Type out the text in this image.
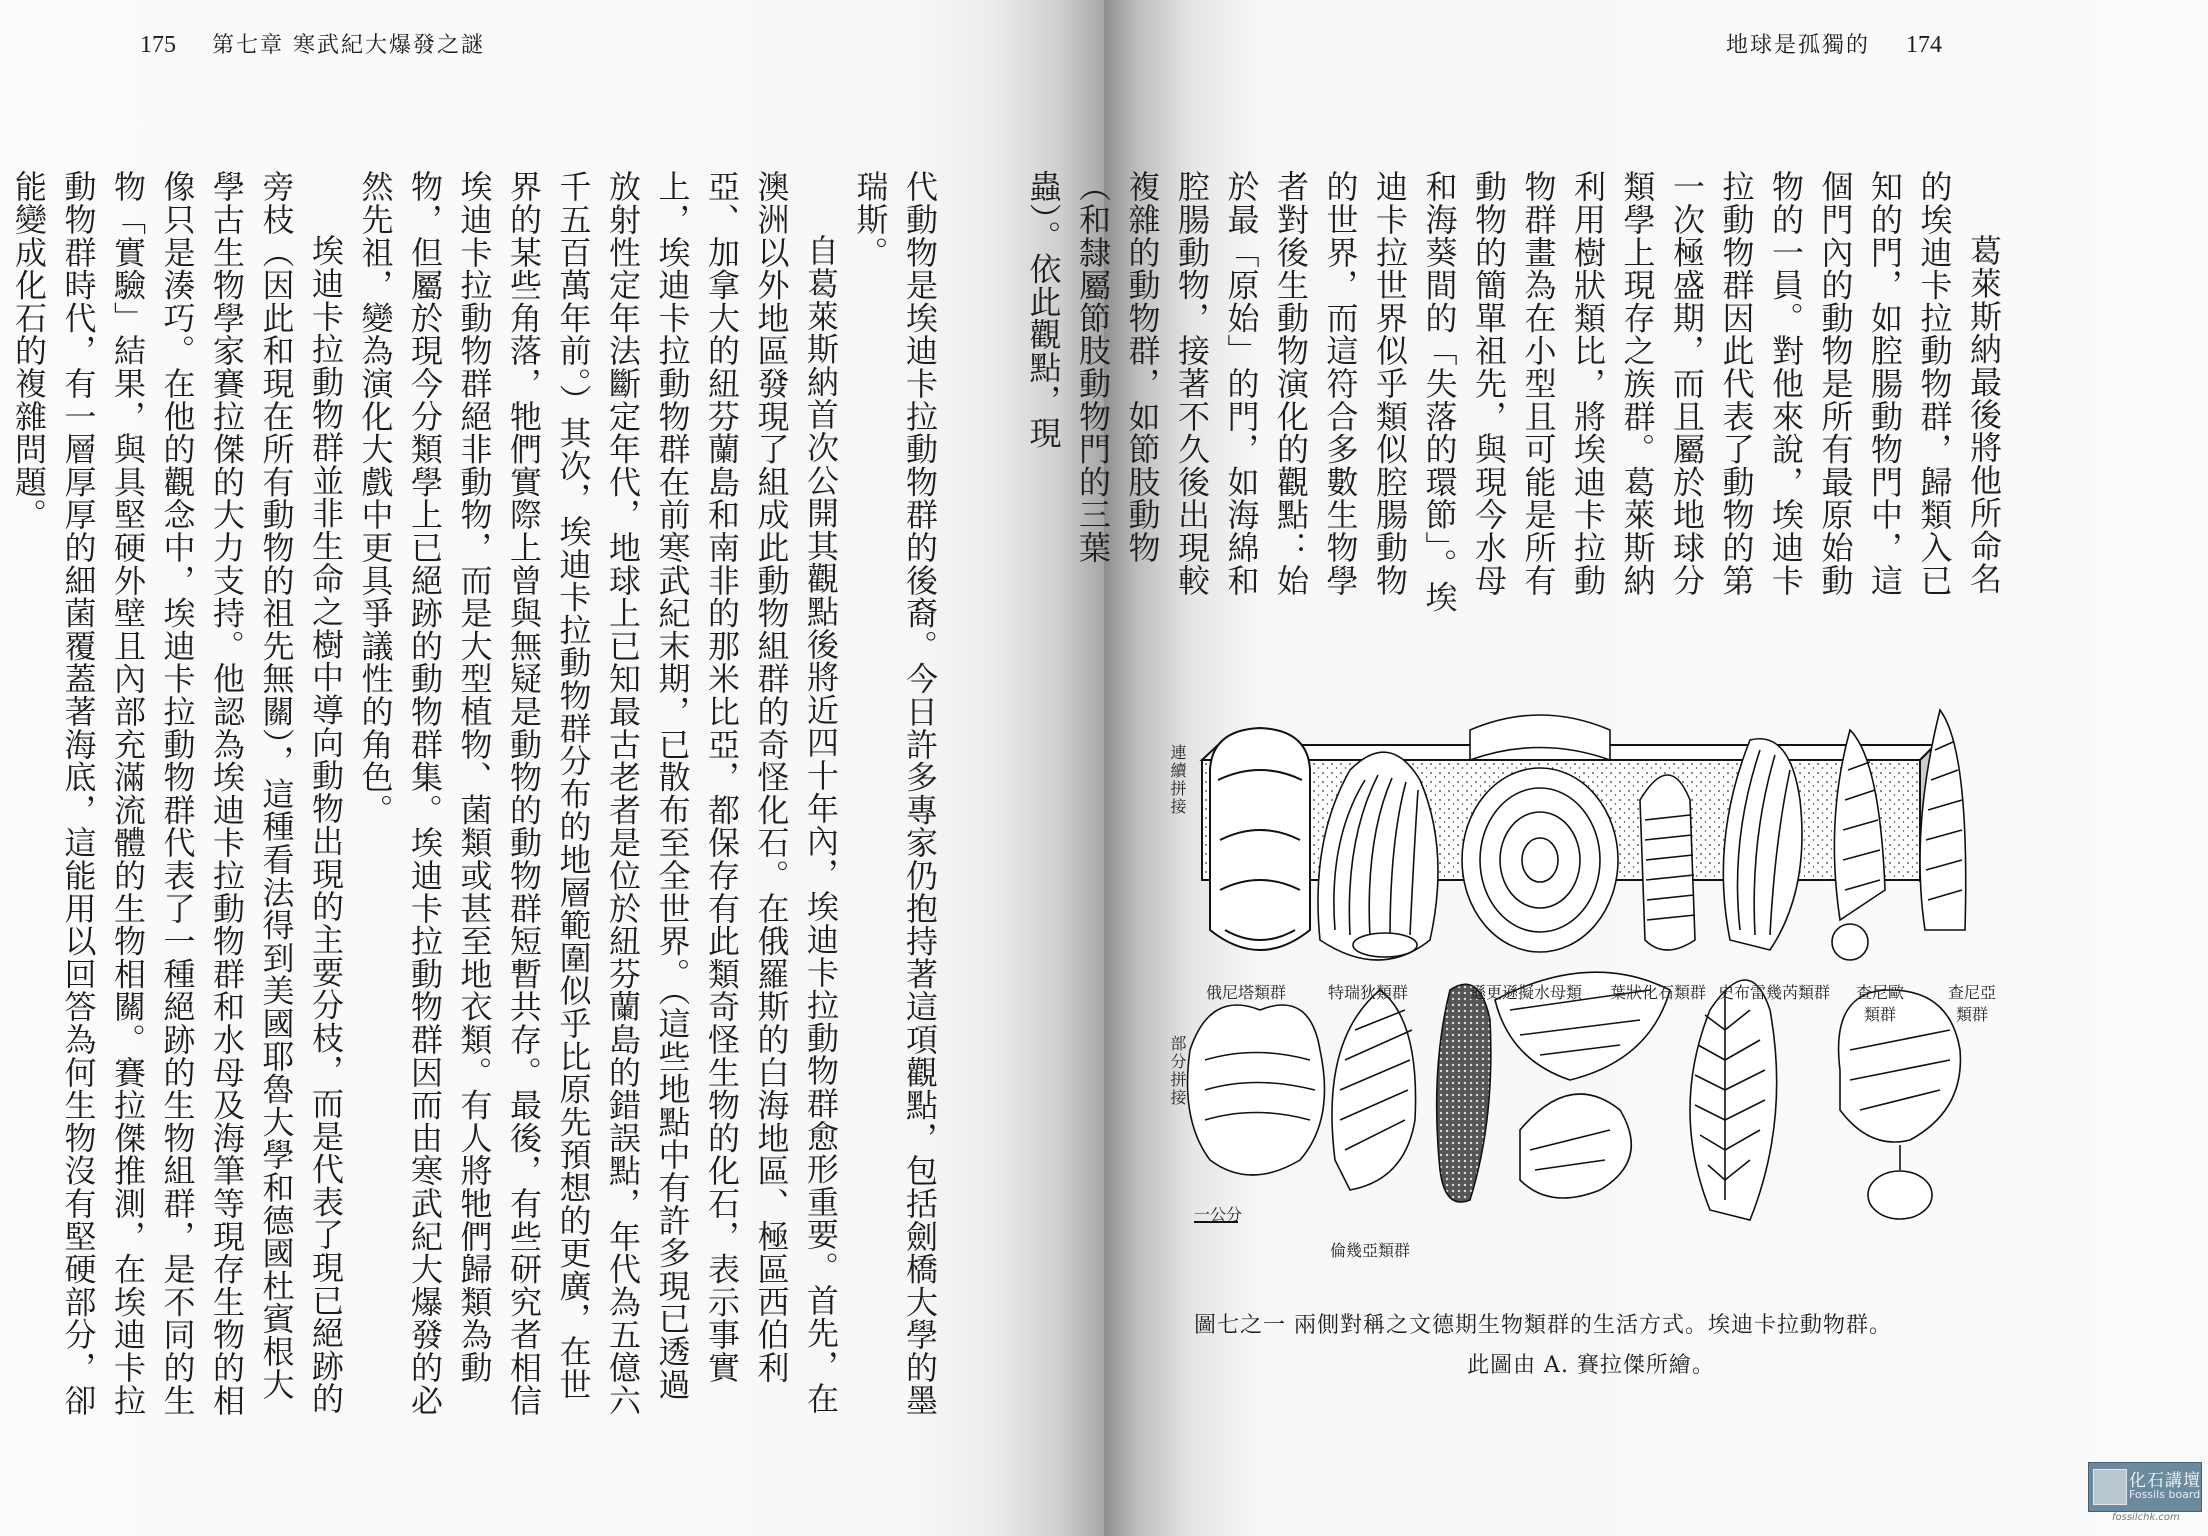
175 第七章 寒武紀大爆發之謎

代動物是埃迪卡拉動物群的後裔。今日許多專家仍抱持著這項觀點，包括劍橋大學的墨瑞斯。

自葛萊斯納首次公開其觀點後將近四十年內，埃迪卡拉動物群愈形重要。首先，在澳洲以外地區發現了組成此動物組群的奇怪化石。在俄羅斯的白海地區、極區西伯利亞、加拿大的紐芬蘭島和南非的那米比亞，都保存有此類奇怪生物的化石，表示事實上，埃迪卡拉動物群在前寒武紀末期，已散布至全世界。（這些地點中有許多現已透過放射性定年法斷定年代，地球上已知最古老者是位於紐芬蘭島的錯誤點，年代為五億六千五百萬年前。）其次，埃迪卡拉動物群分布的地層範圍似乎比原先預想的更廣，在世界的某些角落，牠們實際上曾與無疑是動物的動物群短暫共存。最後，有些研究者相信埃迪卡拉動物群絕非動物，而是大型植物、菌類或甚至地衣類。有人將牠們歸類為動物，但屬於現今分類學上已絕跡的動物群集。埃迪卡拉動物群因而由寒武紀大爆發的必然先祖，變為演化大戲中更具爭議性的角色。

埃迪卡拉動物群並非生命之樹中導向動物出現的主要分枝，而是代表了現已絕跡的旁枝（因此和現在所有動物的祖先無關），這種看法得到美國耶魯大學和德國杜賓根大學古生物學家賽拉傑的大力支持。他認為埃迪卡拉動物群和水母及海筆等現存生物的相像只是湊巧。在他的觀念中，埃迪卡拉動物群代表了一種絕跡的生物組群，是不同的生物「實驗」結果，與具堅硬外壁且內部充滿流體的生物相關。賽拉傑推測，在埃迪卡拉動物群時代，有一層厚厚的細菌覆蓋著海底，這能用以回答為何生物沒有堅硬部分，卻能變成化石的複雜問題。

地球是孤獨的 174

葛萊斯納最後將他所命名的埃迪卡拉動物群，歸類入已知的門，如腔腸動物門中，這個門內的動物是所有最原始動物的一員。對他來說，埃迪卡拉動物群因此代表了動物的第一次極盛期，而且屬於地球分類學上現存之族群。葛萊斯納利用樹狀類比，將埃迪卡拉動物群畫為在小型且可能是所有動物的簡單祖先，與現今水母和海葵間的「失落的環節」。埃迪卡拉世界似乎類似腔腸動物的世界，而這符合多數生物學者對後生動物演化的觀點：始於最「原始」的門，如海綿和腔腸動物，接著不久後出現較複雜的動物群，如節肢動物（和隸屬節肢動物門的三葉蟲）。依此觀點，現

連續拼接
部分拼接
俄尼塔類群	特瑞狄類群	遜更遜擬水母類 葉狀化石類群 史布雷幾芮類群 查尼歐
類群
查尼亞
類群
一公分
倫幾亞類群
圖七之一 兩側對稱之文德期生物類群的生活方式。埃迪卡拉動物群。
此圖由 A. 賽拉傑所繪。
化石講壇
Fossils board
fossilchk.com
